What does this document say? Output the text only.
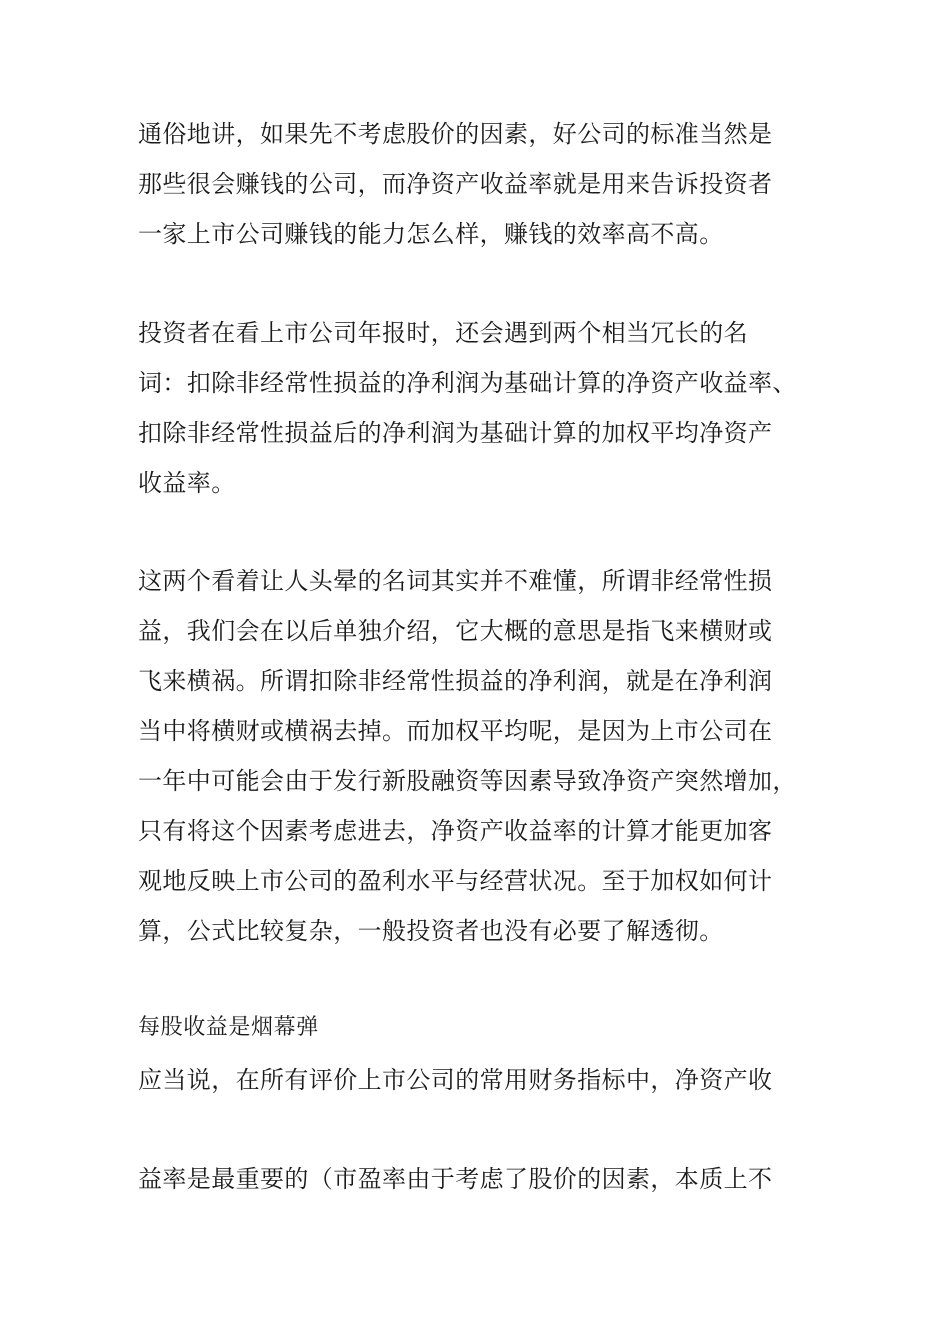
通俗地讲，如果先不考虑股价的因素，好公司的标准当然是
那些很会赚钱的公司，而净资产收益率就是用来告诉投资者
一家上市公司赚钱的能力怎么样，赚钱的效率高不高。
投资者在看上市公司年报时，还会遇到两个相当冗长的名
词：扣除非经常性损益的净利润为基础计算的净资产收益率、
扣除非经常性损益后的净利润为基础计算的加权平均净资产
收益率。
这两个看着让人头晕的名词其实并不难懂，所谓非经常性损
益，我们会在以后单独介绍，它大概的意思是指飞来横财或
飞来横祸。所谓扣除非经常性损益的净利润，就是在净利润
当中将横财或横祸去掉。而加权平均呢，是因为上市公司在
一年中可能会由于发行新股融资等因素导致净资产突然增加，
只有将这个因素考虑进去，净资产收益率的计算才能更加客
观地反映上市公司的盈利水平与经营状况。至于加权如何计
算，公式比较复杂，一般投资者也没有必要了解透彻。
每股收益是烟幕弹
应当说，在所有评价上市公司的常用财务指标中，净资产收
益率是最重要的（市盈率由于考虑了股价的因素，本质上不
